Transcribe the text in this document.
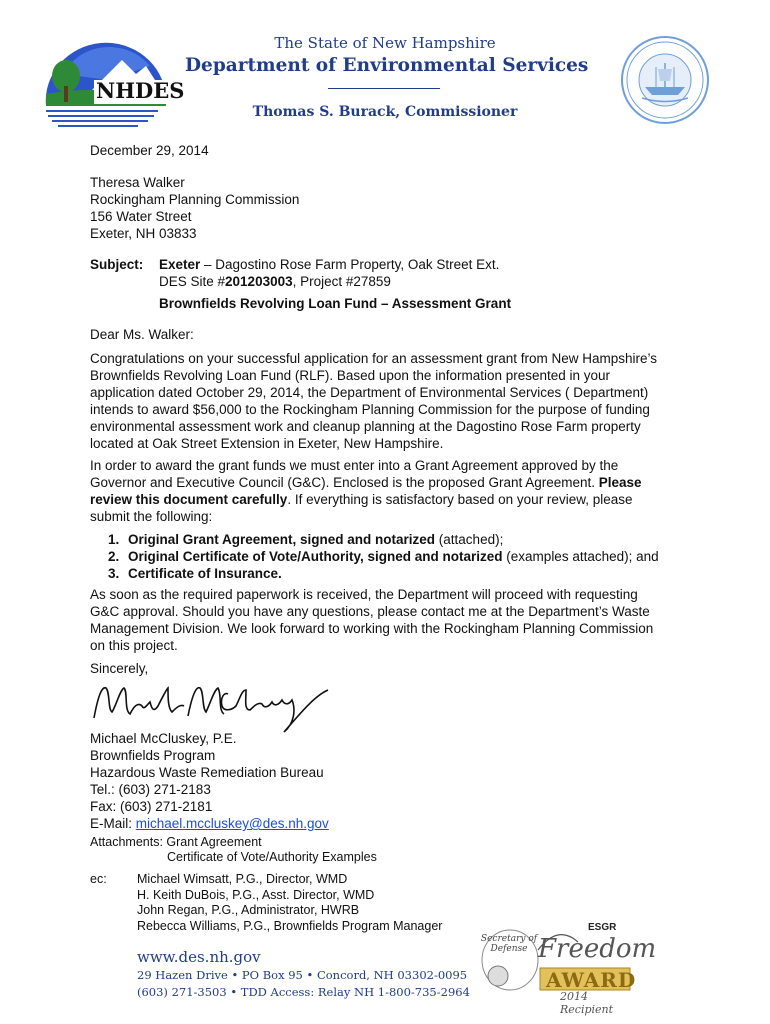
NHDES
The State of New Hampshire
Department of Environmental Services
Thomas S. Burack, Commissioner
December 29, 2014
Theresa Walker
Rockingham Planning Commission
156 Water Street
Exeter, NH 03833
Subject: Exeter – Dagostino Rose Farm Property, Oak Street Ext.
DES Site #201203003, Project #27859
Brownfields Revolving Loan Fund – Assessment Grant
Dear Ms. Walker:
Congratulations on your successful application for an assessment grant from New Hampshire’s
Brownfields Revolving Loan Fund (RLF). Based upon the information presented in your
application dated October 29, 2014, the Department of Environmental Services ( Department)
intends to award $56,000 to the Rockingham Planning Commission for the purpose of funding
environmental assessment work and cleanup planning at the Dagostino Rose Farm property
located at Oak Street Extension in Exeter, New Hampshire.
In order to award the grant funds we must enter into a Grant Agreement approved by the
Governor and Executive Council (G&C). Enclosed is the proposed Grant Agreement. Please
review this document carefully. If everything is satisfactory based on your review, please
submit the following:
1. Original Grant Agreement, signed and notarized (attached);
2. Original Certificate of Vote/Authority, signed and notarized (examples attached); and
3. Certificate of Insurance.
As soon as the required paperwork is received, the Department will proceed with requesting
G&C approval. Should you have any questions, please contact me at the Department’s Waste
Management Division. We look forward to working with the Rockingham Planning Commission
on this project.
Sincerely,
Michael McCluskey, P.E.
Brownfields Program
Hazardous Waste Remediation Bureau
Tel.: (603) 271-2183
Fax: (603) 271-2181
E-Mail: michael.mccluskey@des.nh.gov
Attachments: Grant Agreement
Certificate of Vote/Authority Examples
ec: Michael Wimsatt, P.G., Director, WMD
H. Keith DuBois, P.G., Asst. Director, WMD
John Regan, P.G., Administrator, HWRB
Rebecca Williams, P.G., Brownfields Program Manager
www.des.nh.gov
29 Hazen Drive • PO Box 95 • Concord, NH 03302-0095
(603) 271-3503 • TDD Access: Relay NH 1-800-735-2964
ESGR
Secretary of Defense Freedom
AWARD
2014 Recipient
